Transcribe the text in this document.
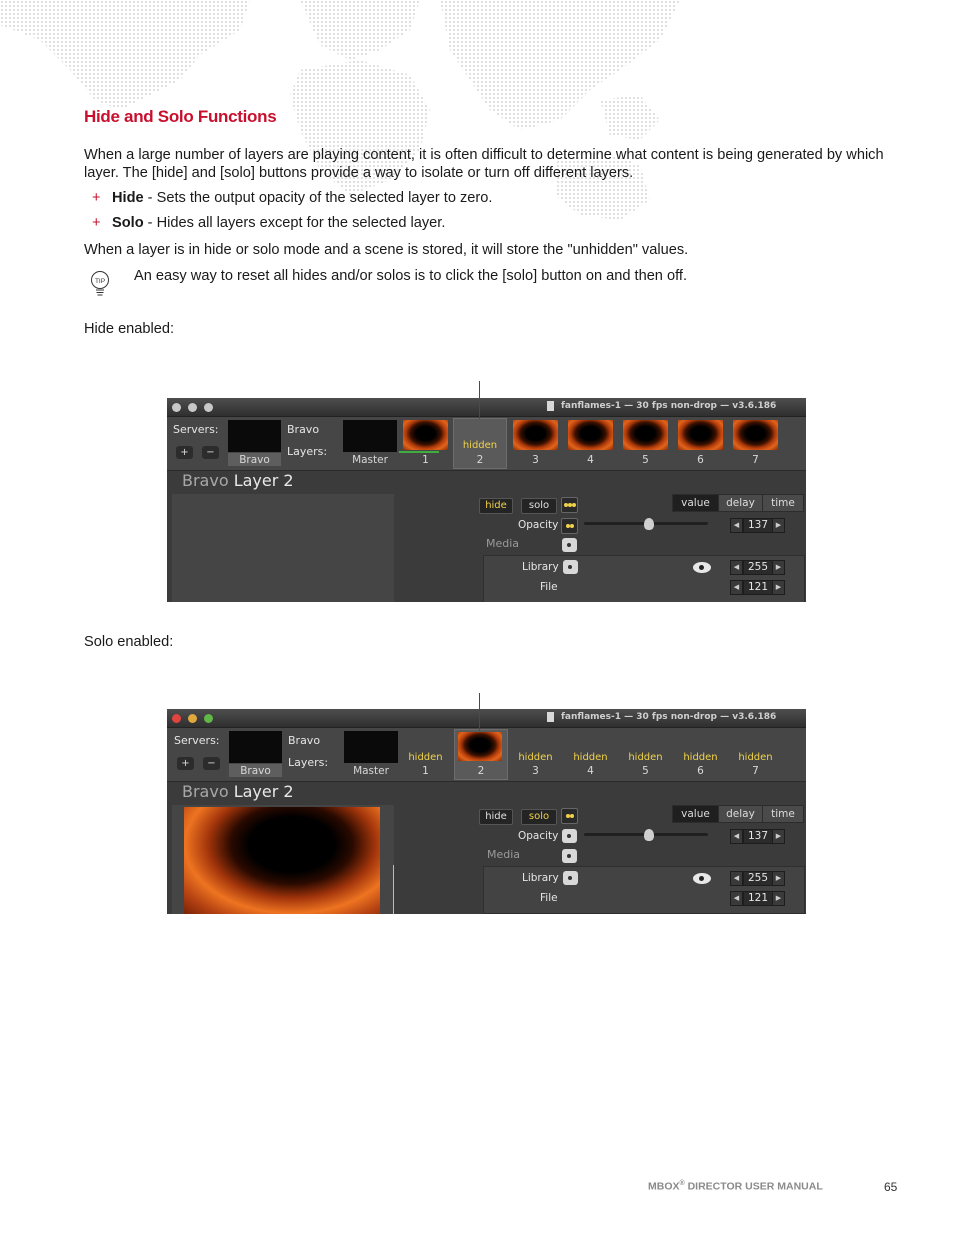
Hide and Solo Functions
When a large number of layers are playing content, it is often difficult to determine what content is being generated by which layer. The [hide] and [solo] buttons provide a way to isolate or turn off different layers.
+ Hide - Sets the output opacity of the selected layer to zero.
+ Solo - Hides all layers except for the selected layer.
When a layer is in hide or solo mode and a scene is stored, it will store the "unhidden" values.
TIP An easy way to reset all hides and/or solos is to click the [solo] button on and then off.
Hide enabled:
Solo enabled:
fanflames-1 — 30 fps non-drop — v3.6.186
Servers:
+	−
Bravo
Bravo
Layers:
Master	1
hidden
2	3	4	5	6	7
Bravo Layer 2
hide	solo	value	delay	time
Opacity	◀ 137	▶
Media
Library	◀ 255	▶
File	◀ 121	▶
fanflames-1 — 30 fps non-drop — v3.6.186
Servers:
+	−
Bravo
Bravo
Layers:
Master
hidden
1	2
hidden
3
hidden
4
hidden
5
hidden
6
hidden
7
Bravo Layer 2
hide	solo	value	delay	time
Opacity	◀ 137	▶
Media
Library	◀ 255	▶
File	◀ 121	▶
MBOX® DIRECTOR USER MANUAL	65
